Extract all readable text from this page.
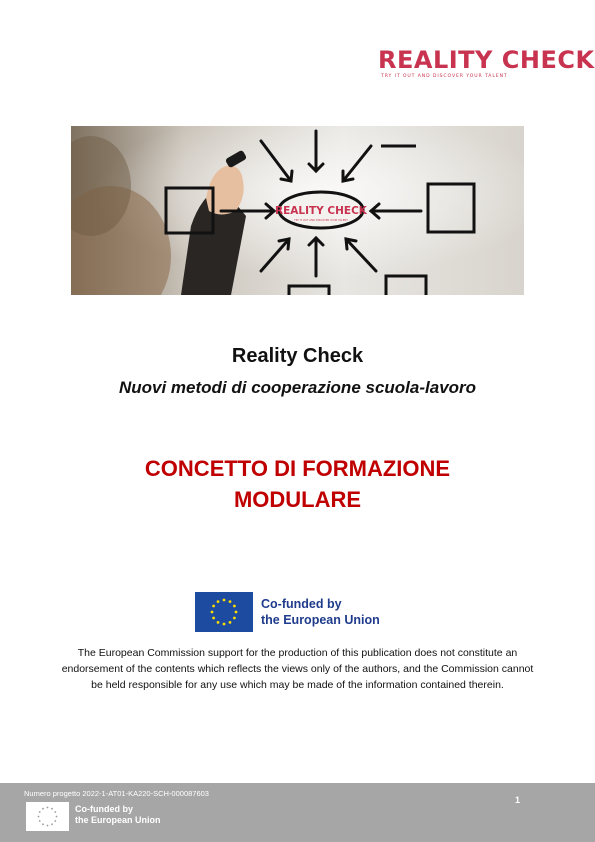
REALITY CHECK
TRY IT OUT AND DISCOVER YOUR TALENT
REALITY CHECK
TRY IT OUT AND DISCOVER YOUR TALENT
Reality Check
Nuovi metodi di cooperazione scuola-lavoro
CONCETTO DI FORMAZIONE
MODULARE
Co-funded by
the European Union
The European Commission support for the production of this publication does not constitute an endorsement of the contents which reflects the views only of the authors, and the Commission cannot be held responsible for any use which may be made of the information contained therein.
Numero progetto 2022-1-AT01-KA220-SCH-000087603
Co-funded by
the European Union
1
